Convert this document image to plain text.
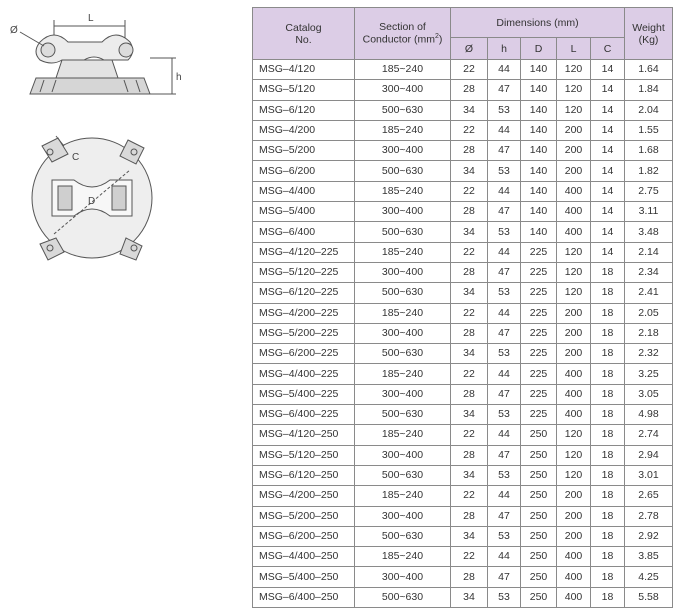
L
Ø
h
C
D
Catalog
No.	Section of
Conductor $(mm^2)$	Dimensions (mm)					Weight
(Kg)
		Ø	h	D	L	C	
MSG–4/120	185~240	22	44	140	120	14	1.64
MSG–5/120	300~400	28	47	140	120	14	1.84
MSG–6/120	500~630	34	53	140	120	14	2.04
MSG–4/200	185~240	22	44	140	200	14	1.55
MSG–5/200	300~400	28	47	140	200	14	1.68
MSG–6/200	500~630	34	53	140	200	14	1.82
MSG–4/400	185~240	22	44	140	400	14	2.75
MSG–5/400	300~400	28	47	140	400	14	3.11
MSG–6/400	500~630	34	53	140	400	14	3.48
MSG–4/120–225	185~240	22	44	225	120	14	2.14
MSG–5/120–225	300~400	28	47	225	120	18	2.34
MSG–6/120–225	500~630	34	53	225	120	18	2.41
MSG–4/200–225	185~240	22	44	225	200	18	2.05
MSG–5/200–225	300~400	28	47	225	200	18	2.18
MSG–6/200–225	500~630	34	53	225	200	18	2.32
MSG–4/400–225	185~240	22	44	225	400	18	3.25
MSG–5/400–225	300~400	28	47	225	400	18	3.05
MSG–6/400–225	500~630	34	53	225	400	18	4.98
MSG–4/120–250	185~240	22	44	250	120	18	2.74
MSG–5/120–250	300~400	28	47	250	120	18	2.94
MSG–6/120–250	500~630	34	53	250	120	18	3.01
MSG–4/200–250	185~240	22	44	250	200	18	2.65
MSG–5/200–250	300~400	28	47	250	200	18	2.78
MSG–6/200–250	500~630	34	53	250	200	18	2.92
MSG–4/400–250	185~240	22	44	250	400	18	3.85
MSG–5/400–250	300~400	28	47	250	400	18	4.25
MSG–6/400–250	500~630	34	53	250	400	18	5.58
